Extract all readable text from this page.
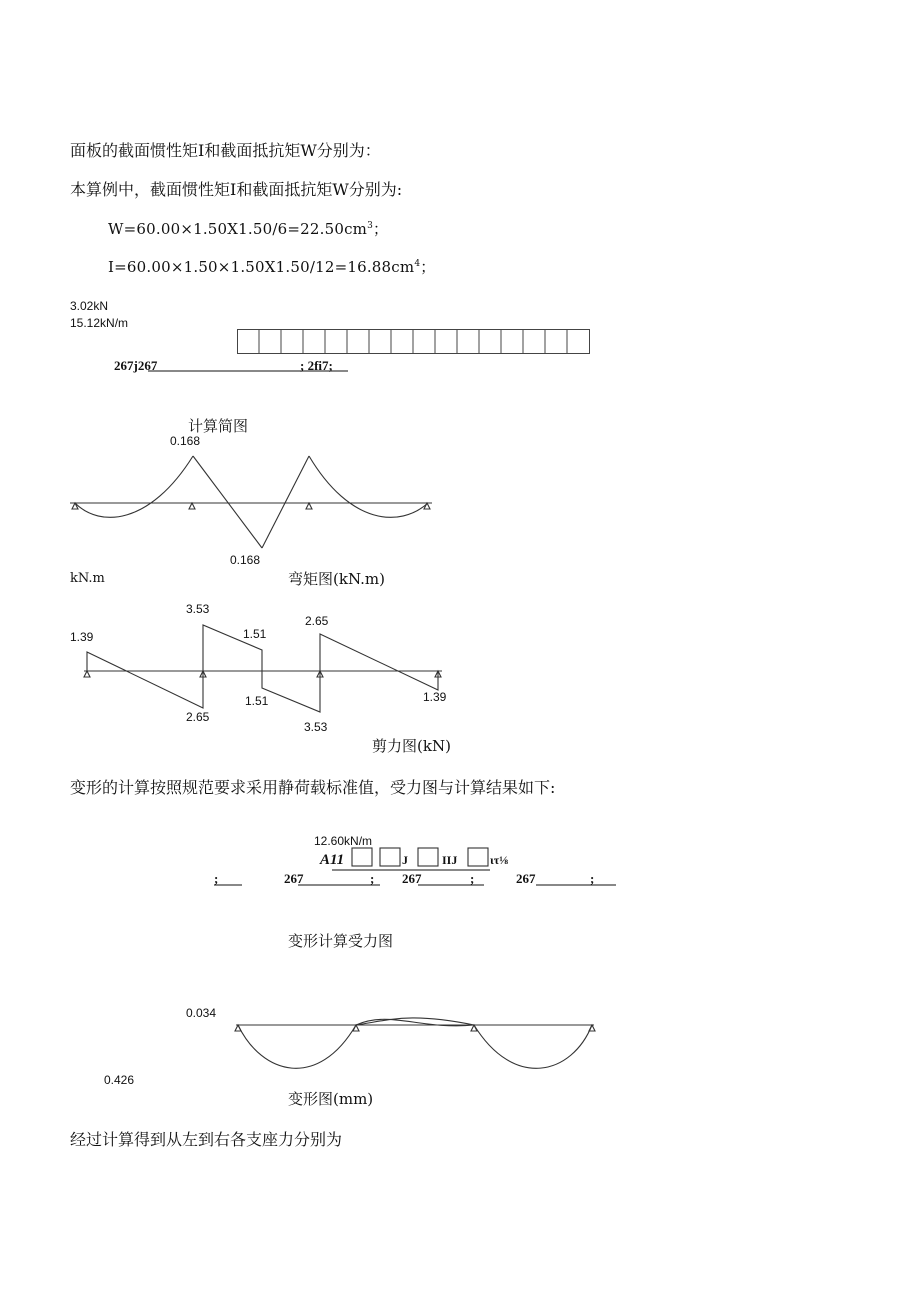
面板的截面惯性矩I和截面抵抗矩W分别为：
本算例中，截面惯性矩I和截面抵抗矩W分别为:
$W=60.00\times 1.50X1.50/6=22.50cm^3$；
$I=60.00\times 1.50\times 1.50X1.50/12=16.88cm^4$；
3.02kN
15.12kN/m
267j267	; 2fi7;
计算简图
0.168
0.168
kN.m	弯矩图(kN.m)
1.39
3.53
1.51
2.65
2.65
1.51
3.53
1.39
剪力图(kN)
变形的计算按照规范要求采用静荷载标准值，受力图与计算结果如下:
12.60kN/m
A11	J	IIJ	ιτ⅛
;	267	; 267	;	267	;
变形计算受力图
0.034
0.426
变形图(mm)
经过计算得到从左到右各支座力分别为
